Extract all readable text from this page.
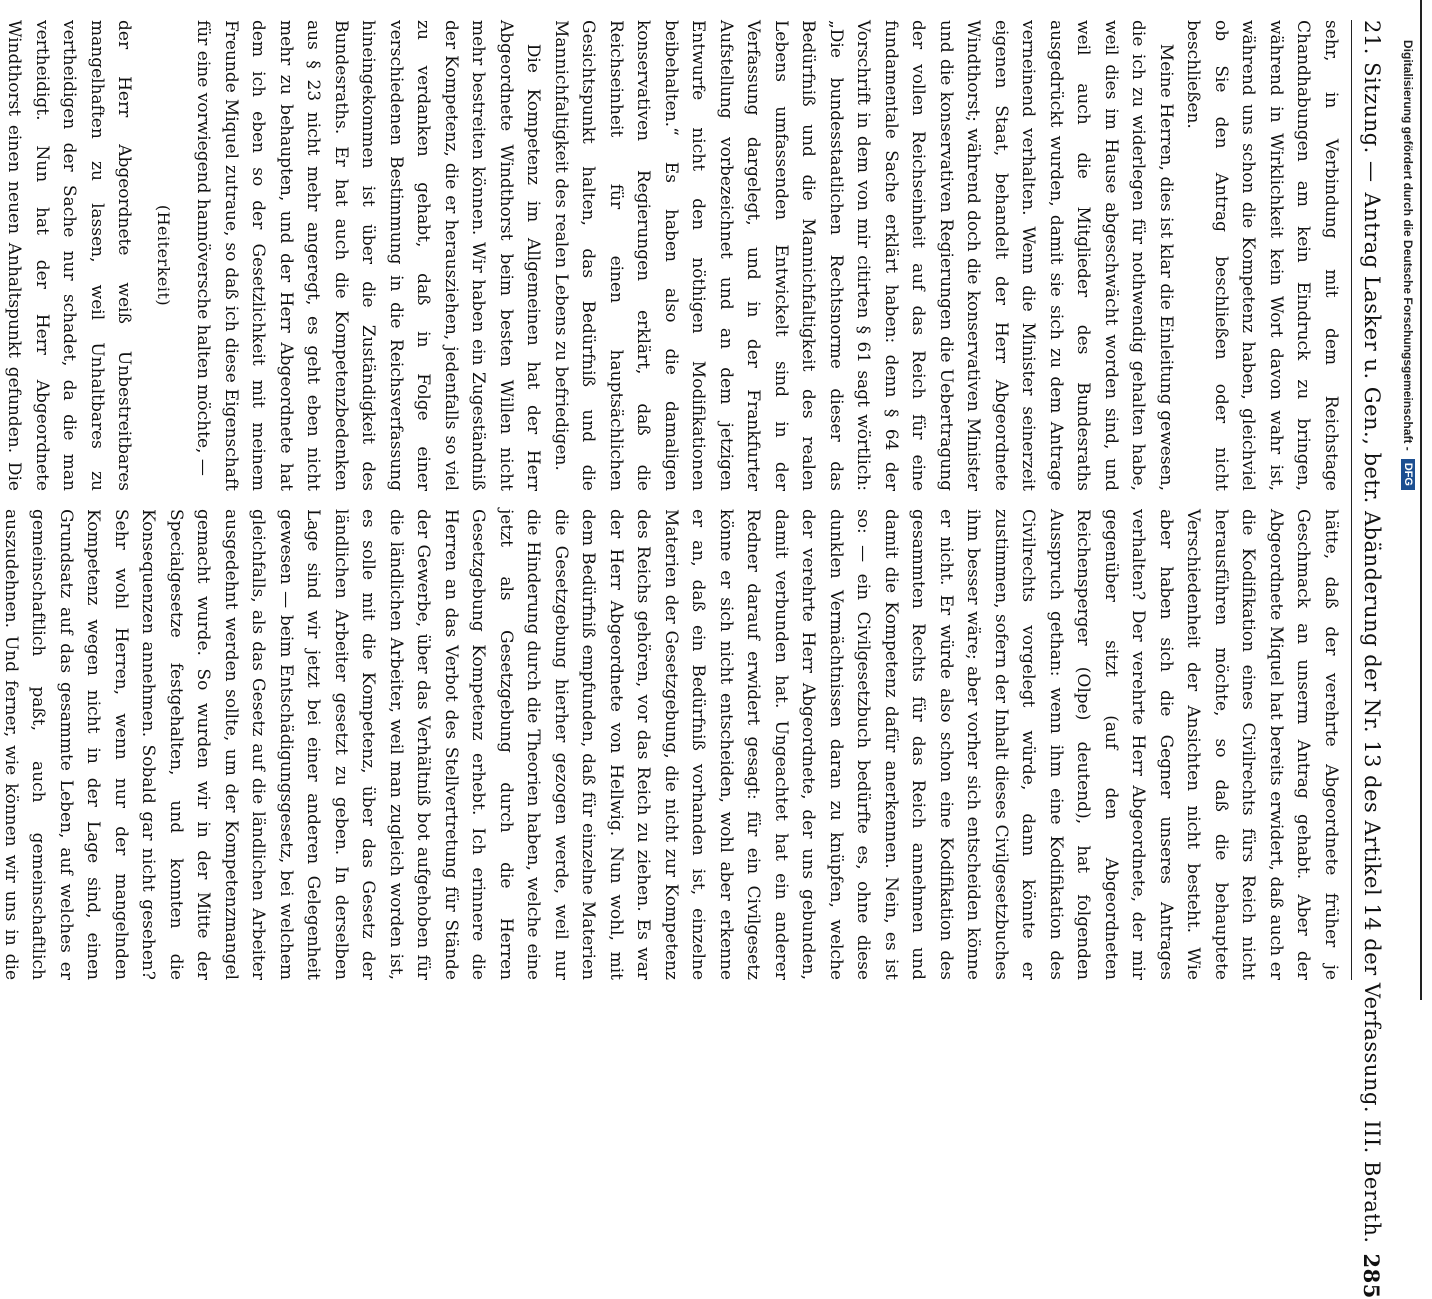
21. Sitzung. —
Antrag Lasker u. Gen., betr. Abänderung der Nr. 13 des Artikel 14 der Verfassung. III. Berath.
285

sehr, in Verbindung mit dem Reichstage Chandhabungen am kein Eindruck zu bringen, während in Wirklichkeit kein Wort davon wahr ist, während uns schon die Kompetenz haben, gleichviel ob Sie den Antrag beschließen oder nicht beschließen.

Meine Herren, dies ist klar die Einleitung gewesen, die ich zu widerlegen für nothwendig gehalten habe, weil dies im Hause abgeschwächt worden sind, und weil auch die Mitglieder des Bundesraths ausgedrückt wurden, damit sie sich zu dem Antrage verneinend verhalten. Wenn die Minister seinerzeit eigenen Staat, behandelt der Herr Abgeordnete Windthorst; während doch die konservativen Minister und die konservativen Regierungen die Uebertragung der vollen Reichseinheit auf das Reich für eine fundamentale Sache erklärt haben: denn § 64 der Vorschrift in dem von mir citirten § 61 sagt wörtlich: „Die bundesstaatlichen Rechtsnorme dieser das Bedürfniß und die Mannichfaltigkeit des realen Lebens umfassenden Entwickelt sind in der Verfassung dargelegt, und in der Frankfurter Aufstellung vorbezeichnet und an dem jetzigen Entwurfe nicht den nöthigen Modifikationen beibehalten.“ Es haben also die damaligen konservativen Regierungen erklärt, daß die Reichseinheit für einen hauptsächlichen Gesichtspunkt halten, das Bedürfniß und die Mannichfaltigkeit des realen Lebens zu befriedigen.

Die Kompetenz im Allgemeinen hat der Herr Abgeordnete Windthorst beim besten Willen nicht mehr bestreiten können. Wir haben ein Zugeständniß der Kompetenz, die er herausziehen, jedenfalls so viel zu verdanken gehabt, daß in Folge einer verschiedenen Bestimmung in die Reichsverfassung hineingekommen ist über die Zuständigkeit des Bundesraths. Er hat auch die Kompetenzbedenken aus § 23 nicht mehr angeregt, es geht eben nicht mehr zu behaupten, und der Herr Abgeordnete hat dem ich eben so der Gesetzlichkeit mit meinem Freunde Miquel zutraue, so daß ich diese Eigenschaft für eine vorwiegend hannöversche halten möchte, —

(Heiterkeit)

der Herr Abgeordnete weiß Unbestreitbares mangelhaften zu lassen, weil Unhaltbares zu vertheidigen der Sache nur schadet, da die man vertheidigt. Nun hat der Herr Abgeordnete Windthorst einen neuen Anhaltspunkt gefunden. Die

hätte, daß der verehrte Abgeordnete früher je Geschmack an unserm Antrag gehabt. Aber der Abgeordnete Miquel hat bereits erwidert, daß auch er die Kodifikation eines Civilrechts fürs Reich nicht herausführen möchte, so daß die behauptete Verschiedenheit der Ansichten nicht besteht. Wie aber haben sich die Gegner unseres Antrages verhalten? Der verehrte Herr Abgeordnete, der mir gegenüber sitzt (auf den Abgeordneten Reichensperger (Olpe) deutend), hat folgenden Ausspruch gethan: wenn ihm eine Kodifikation des Civilrechts vorgelegt würde, dann könnte er zustimmen, sofern der Inhalt dieses Civilgesetzbuches ihm besser wäre; aber vorher sich entscheiden könne er nicht. Er würde also schon eine Kodifikation des gesammten Rechts für das Reich annehmen und damit die Kompetenz dafür anerkennen. Nein, es ist so: — ein Civilgesetzbuch bedürfte es, ohne diese dunklen Vermächtnissen daran zu knüpfen, welche der verehrte Herr Abgeordnete, der uns gebunden, damit verbunden hat. Ungeachtet hat ein anderer Redner darauf erwidert gesagt: für ein Civilgesetz könne er sich nicht entscheiden, wohl aber erkenne er an, daß ein Bedürfniß vorhanden ist, einzelne Materien der Gesetzgebung, die nicht zur Kompetenz des Reichs gehören, vor das Reich zu ziehen. Es war der Herr Abgeordnete von Hellwig. Nun wohl, mit dem Bedürfniß empfunden, daß für einzelne Materien die Gesetzgebung hierher gezogen werde, weil nur die Hinderung durch die Theorien haben, welche eine jetzt als Gesetzgebung durch die Herren Gesetzgebung Kompetenz erhebt. Ich erinnere die Herren an das Verbot des Stellvertretung für Stände der Gewerbe, über das Verhältniß bot aufgehoben für die ländlichen Arbeiter, weil man zugleich worden ist, es solle mit die Kompetenz, über das Gesetz der ländlichen Arbeiter gesetzt zu geben. In derselben Lage sind wir jetzt bei einer anderen Gelegenheit gewesen — beim Entschädigungsgesetz, bei welchem gleichfalls, als das Gesetz auf die ländlichen Arbeiter ausgedehnt werden sollte, um der Kompetenzmangel gemacht wurde. So wurden wir in der Mitte der Specialgesetze festgehalten, und konnten die Konsequenzen annehmen. Sobald gar nicht gesehen? Sehr wohl Herren, wenn nur der mangelnden Kompetenz wegen nicht in der Lage sind, einen Grundsatz auf das gesammte Leben, auf welches er gemeinschaftlich paßt, auch gemeinschaftlich auszudehnen. Und ferner, wie können wir uns in die

Digitalisierung gefördert durch die Deutsche Forschungsgemeinschaft -
DFG
